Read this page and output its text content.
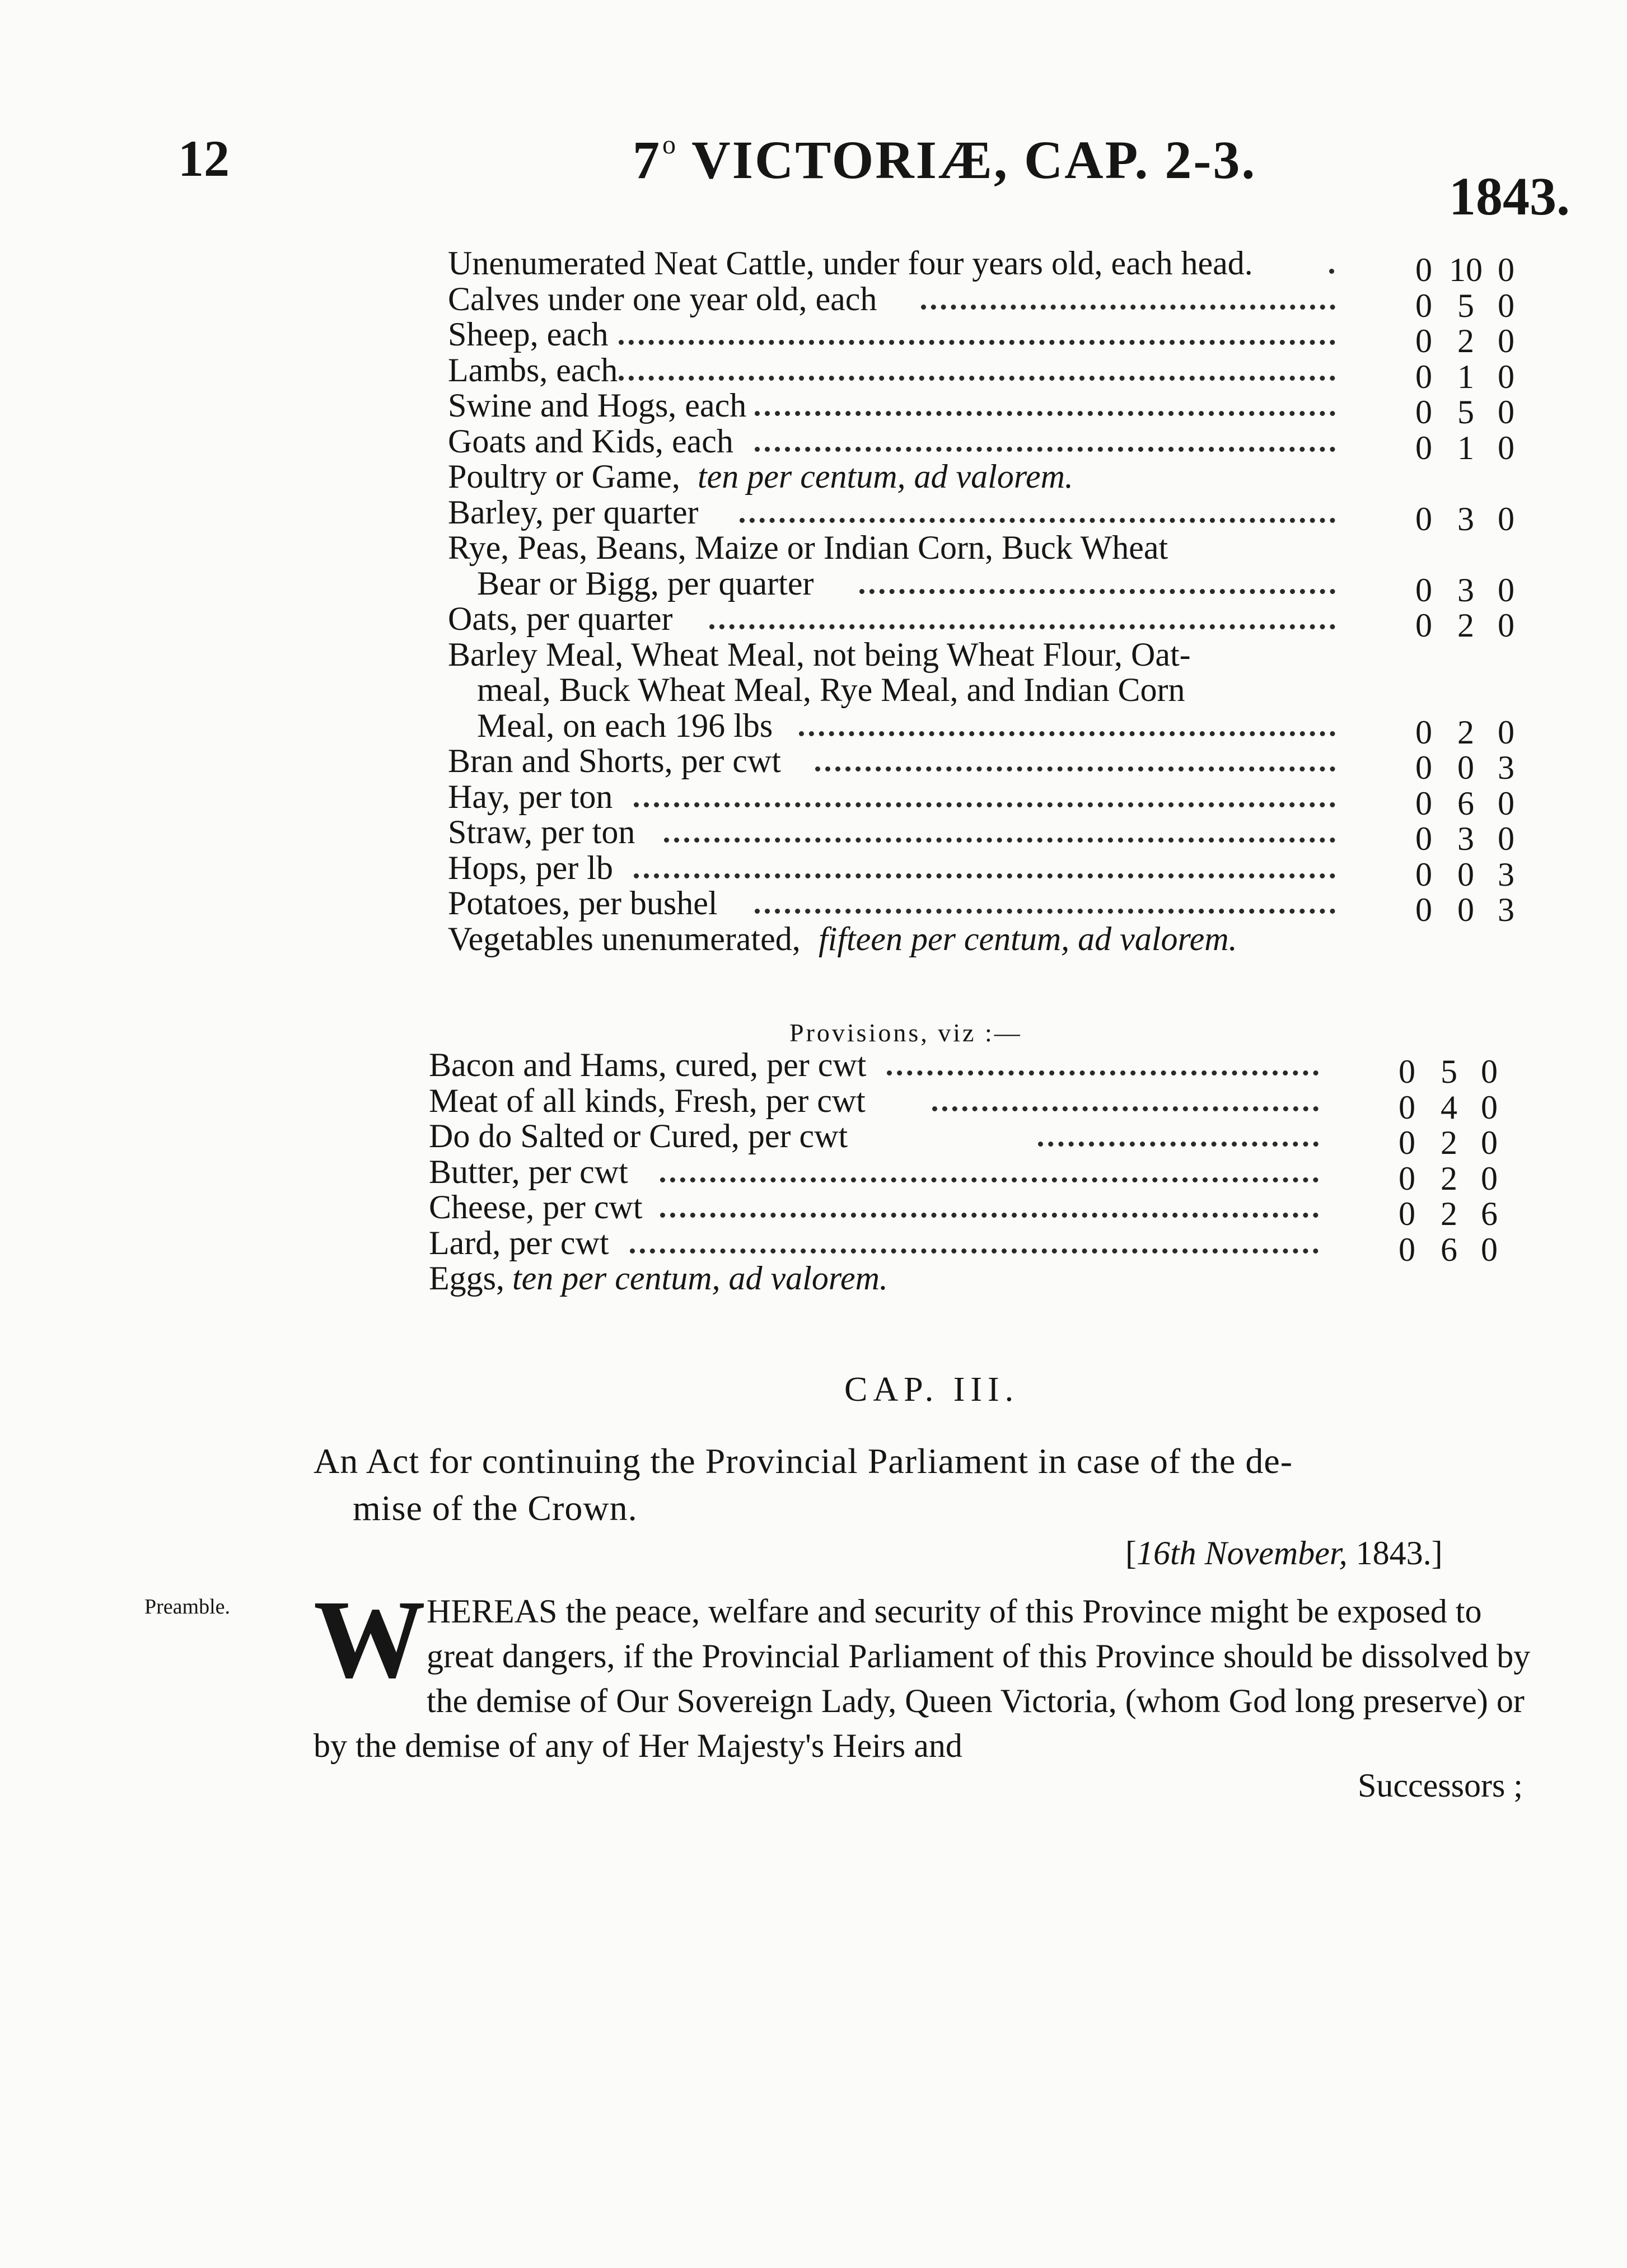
12	7$^o$ VICTORIÆ, CAP. 2-3.
1843.
Unenumerated Neat Cattle, under four years old, each head.	0 10 0
Calves under one year old, each	0 5 0
Sheep, each	0 2 0
Lambs, each	0 1 0
Swine and Hogs, each	0 5 0
Goats and Kids, each	0 1 0
Poultry or Game, ten per centum, ad valorem.
Barley, per quarter	0 3 0
Rye, Peas, Beans, Maize or Indian Corn, Buck Wheat
Bear or Bigg, per quarter	0 3 0
Oats, per quarter	0 2 0
Barley Meal, Wheat Meal, not being Wheat Flour, Oat-
meal, Buck Wheat Meal, Rye Meal, and Indian Corn
Meal, on each 196 lbs	0 2 0
Bran and Shorts, per cwt	0 0 3
Hay, per ton	0 6 0
Straw, per ton	0 3 0
Hops, per lb	0 0 3
Potatoes, per bushel	0 0 3
Vegetables unenumerated, fifteen per centum, ad valorem.
Provisions, viz :—
Bacon and Hams, cured, per cwt	0 5 0
Meat of all kinds, Fresh, per cwt	0 4 0
Do do Salted or Cured, per cwt	0 2 0
Butter, per cwt	0 2 0
Cheese, per cwt	0 2 6
Lard, per cwt	0 6 0
Eggs, ten per centum, ad valorem.
CAP. III.
An Act for continuing the Provincial Parliament in case of the de-
mise of the Crown.
[16th November, 1843.]
Preamble. WHEREAS the peace, welfare and security of this Province might be exposed to great dangers, if the Provincial Parliament of this Province should be dissolved by the demise of Our Sovereign Lady, Queen Victoria, (whom God long preserve) or by the demise of any of Her Majesty's Heirs and
Successors ;
